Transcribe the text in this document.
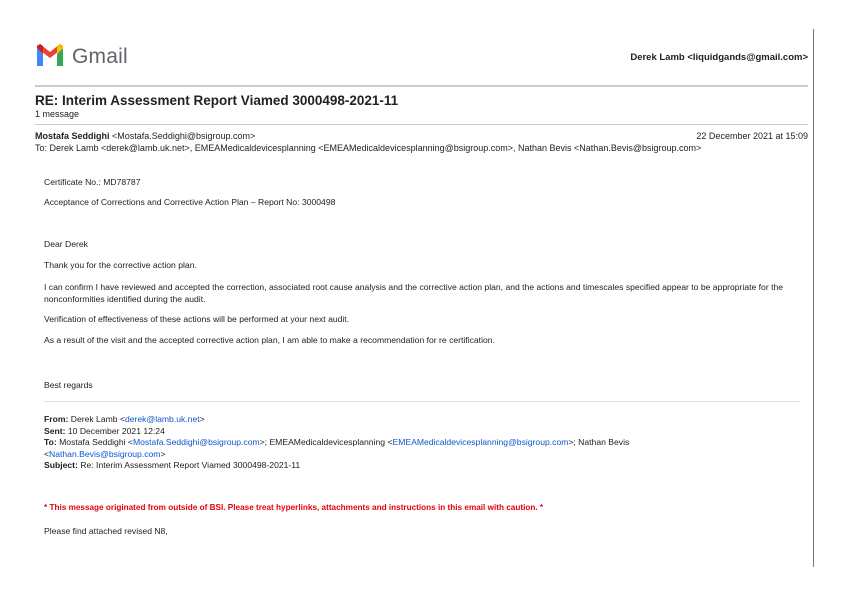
Gmail	Derek Lamb <liquidgands@gmail.com>
RE: Interim Assessment Report Viamed 3000498-2021-11
1 message
Mostafa Seddighi <Mostafa.Seddighi@bsigroup.com>	22 December 2021 at 15:09
To: Derek Lamb <derek@lamb.uk.net>, EMEAMedicaldevicesplanning <EMEAMedicaldevicesplanning@bsigroup.com>, Nathan Bevis <Nathan.Bevis@bsigroup.com>
Certificate No.: MD78787
Acceptance of Corrections and Corrective Action Plan – Report No: 3000498
Dear Derek
Thank you for the corrective action plan.
I can confirm I have reviewed and accepted the correction, associated root cause analysis and the corrective action plan, and the actions and timescales specified appear to be appropriate for the nonconformities identified during the audit.
Verification of effectiveness of these actions will be performed at your next audit.
As a result of the visit and the accepted corrective action plan, I am able to make a recommendation for re certification.
Best regards
From: Derek Lamb <derek@lamb.uk.net>
Sent: 10 December 2021 12:24
To: Mostafa Seddighi <Mostafa.Seddighi@bsigroup.com>; EMEAMedicaldevicesplanning <EMEAMedicaldevicesplanning@bsigroup.com>; Nathan Bevis
<Nathan.Bevis@bsigroup.com>
Subject: Re: Interim Assessment Report Viamed 3000498-2021-11
* This message originated from outside of BSI. Please treat hyperlinks, attachments and instructions in this email with caution. *
Please find attached revised N8,
